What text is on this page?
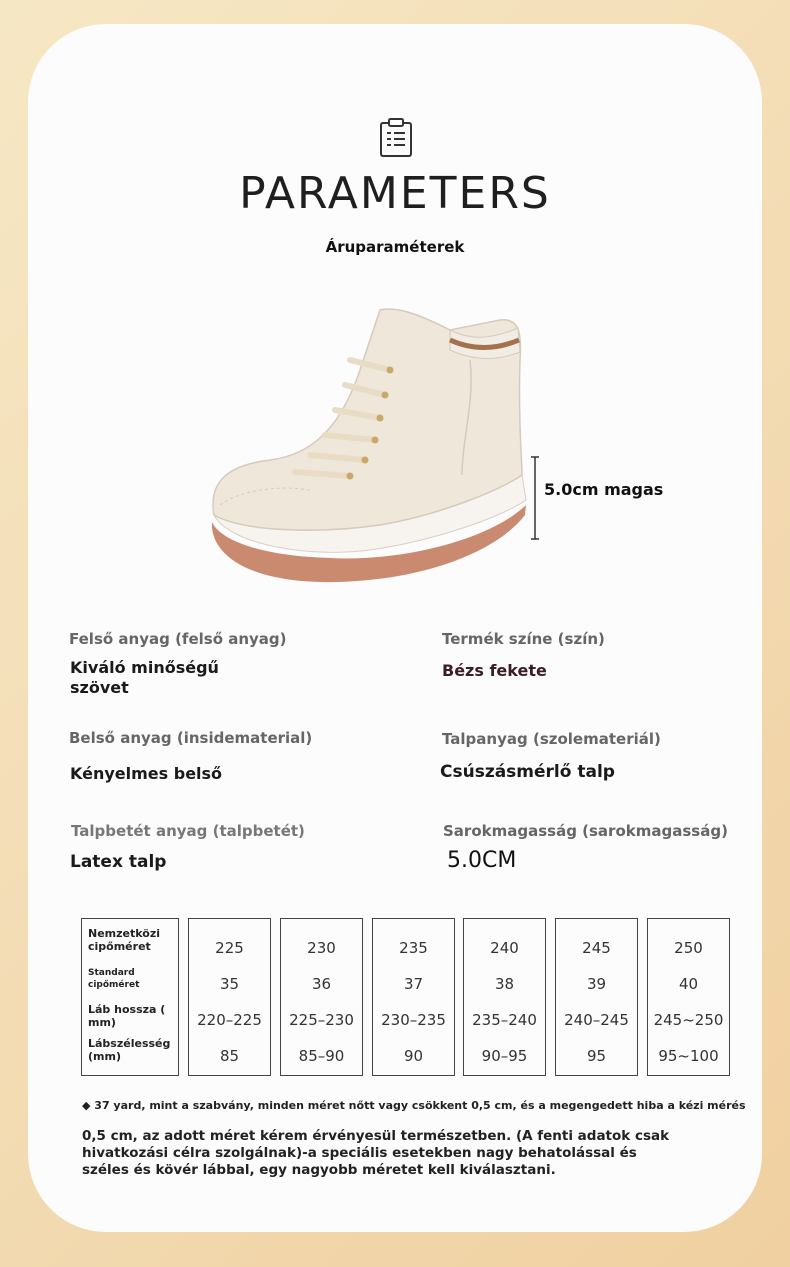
PARAMETERS
Áruparaméterek
5.0cm magas
Felső anyag (felső anyag)
Kiváló minőségű
szövet
Termék színe (szín)
Bézs fekete
Belső anyag (insidematerial)
Kényelmes belső
Talpanyag (szolemateriál)
Csúszásmérlő talp
Talpbetét anyag (talpbetét)
Latex talp
Sarokmagasság (sarokmagasság)
5.0CM
Nemzetközi cipőméret
Standard cipőméret
Láb hossza ( mm)
Lábszélesség (mm)
225
35
220–225
85
230
36
225–230
85–90
235
37
230–235
90
240
38
235–240
90–95
245
39
240–245
95
250
40
245~250
95~100
◆ 37 yard, mint a szabvány, minden méret nőtt vagy csökkent 0,5 cm, és a megengedett hiba a kézi mérés
0,5 cm, az adott méret kérem érvényesül természetben. (A fenti adatok csak hivatkozási célra szolgálnak)-a speciális esetekben nagy behatolással és széles és kövér lábbal, egy nagyobb méretet kell kiválasztani.
